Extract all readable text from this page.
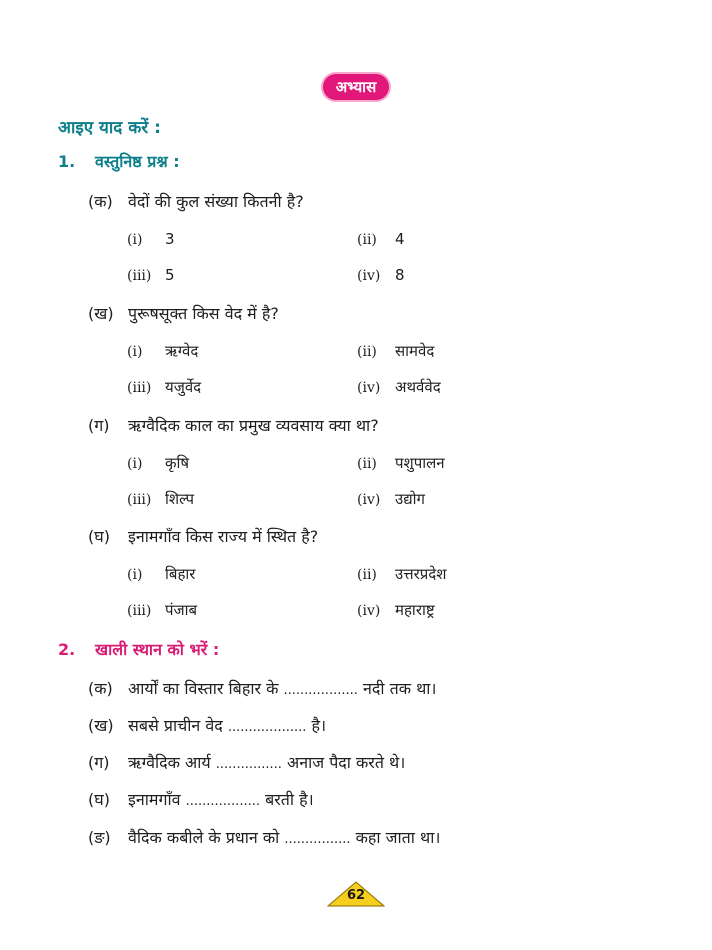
अभ्यास
आइए याद करें :
1. वस्तुनिष्ठ प्रश्न :
(क) वेदों की कुल संख्या कितनी है?
(i) 3	(ii) 4
(iii) 5	(iv) 8
(ख) पुरूषसूक्त किस वेद में है?
(i) ऋग्वेद	(ii) सामवेद
(iii) यजुर्वेद	(iv) अथर्ववेद
(ग) ऋग्वैदिक काल का प्रमुख व्यवसाय क्या था?
(i) कृषि	(ii) पशुपालन
(iii) शिल्प	(iv) उद्योग
(घ) इनामगाँव किस राज्य में स्थित है?
(i) बिहार	(ii) उत्तरप्रदेश
(iii) पंजाब	(iv) महाराष्ट्र
2. खाली स्थान को भरें :
(क) आर्यों का विस्तार बिहार के .................. नदी तक था।
(ख) सबसे प्राचीन वेद ................... है।
(ग) ऋग्वैदिक आर्य ................ अनाज पैदा करते थे।
(घ) इनामगाँव .................. बरती है।
(ङ) वैदिक कबीले के प्रधान को ................ कहा जाता था।
62
